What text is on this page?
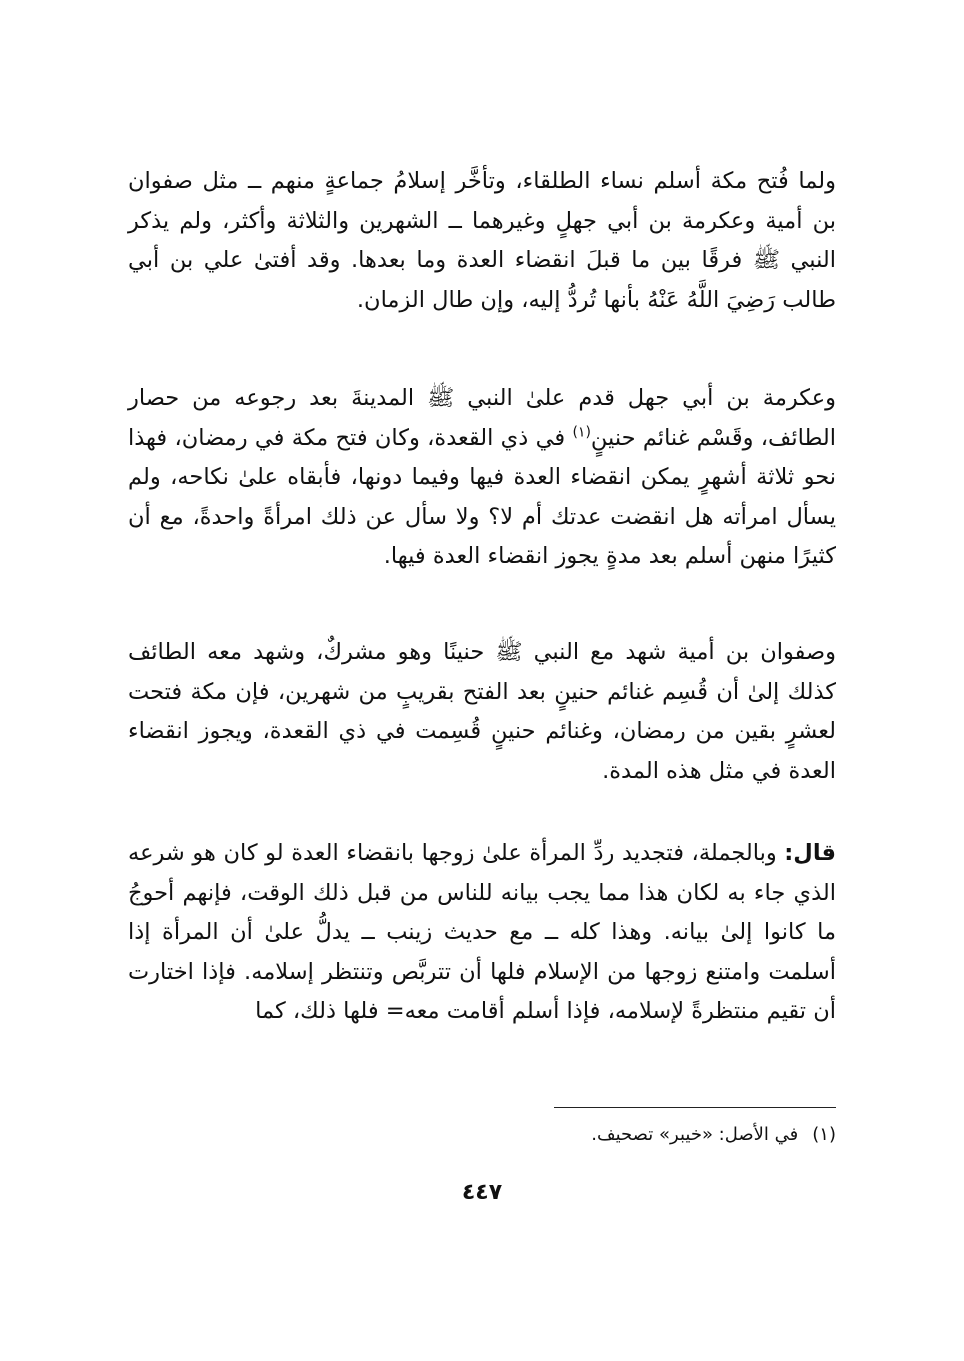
ولما فُتح مكة أسلم نساء الطلقاء، وتأخَّر إسلامُ جماعةٍ منهم ــ مثل صفوان بن أمية وعكرمة بن أبي جهلٍ وغيرهما ــ الشهرين والثلاثة وأكثر، ولم يذكر النبي ﷺ فرقًا بين ما قبلَ انقضاء العدة وما بعدها. وقد أفتىٰ علي بن أبي طالب رَضِيَ اللَّهُ عَنْهُ بأنها تُردُّ إليه، وإن طال الزمان.

وعكرمة بن أبي جهل قدم علىٰ النبي ﷺ المدينةَ بعد رجوعه من حصار الطائف، وقَسْم غنائم حنينٍ$^{(١)}$ في ذي القعدة، وكان فتح مكة في رمضان، فهذا نحو ثلاثة أشهرٍ يمكن انقضاء العدة فيها وفيما دونها، فأبقاه علىٰ نكاحه، ولم يسأل امرأته هل انقضت عدتك أم لا؟ ولا سأل عن ذلك امرأةً واحدةً، مع أن كثيرًا منهن أسلم بعد مدةٍ يجوز انقضاء العدة فيها.

وصفوان بن أمية شهد مع النبي ﷺ حنينًا وهو مشركٌ، وشهد معه الطائف كذلك إلىٰ أن قُسِم غنائم حنينٍ بعد الفتح بقريبٍ من شهرين، فإن مكة فتحت لعشرٍ بقين من رمضان، وغنائم حنينٍ قُسِمت في ذي القعدة، ويجوز انقضاء العدة في مثل هذه المدة.

قال: وبالجملة، فتجديد ردِّ المرأة علىٰ زوجها بانقضاء العدة لو كان هو شرعه الذي جاء به لكان هذا مما يجب بيانه للناس من قبل ذلك الوقت، فإنهم أحوجُ ما كانوا إلىٰ بيانه. وهذا كله ــ مع حديث زينب ــ يدلُّ علىٰ أن المرأة إذا أسلمت وامتنع زوجها من الإسلام فلها أن تتربَّص وتنتظر إسلامه. فإذا اختارت أن تقيم منتظرةً لإسلامه، فإذا أسلم أقامت معه= فلها ذلك، كما

(١)في الأصل: «خيبر» تصحيف.
٤٤٧
